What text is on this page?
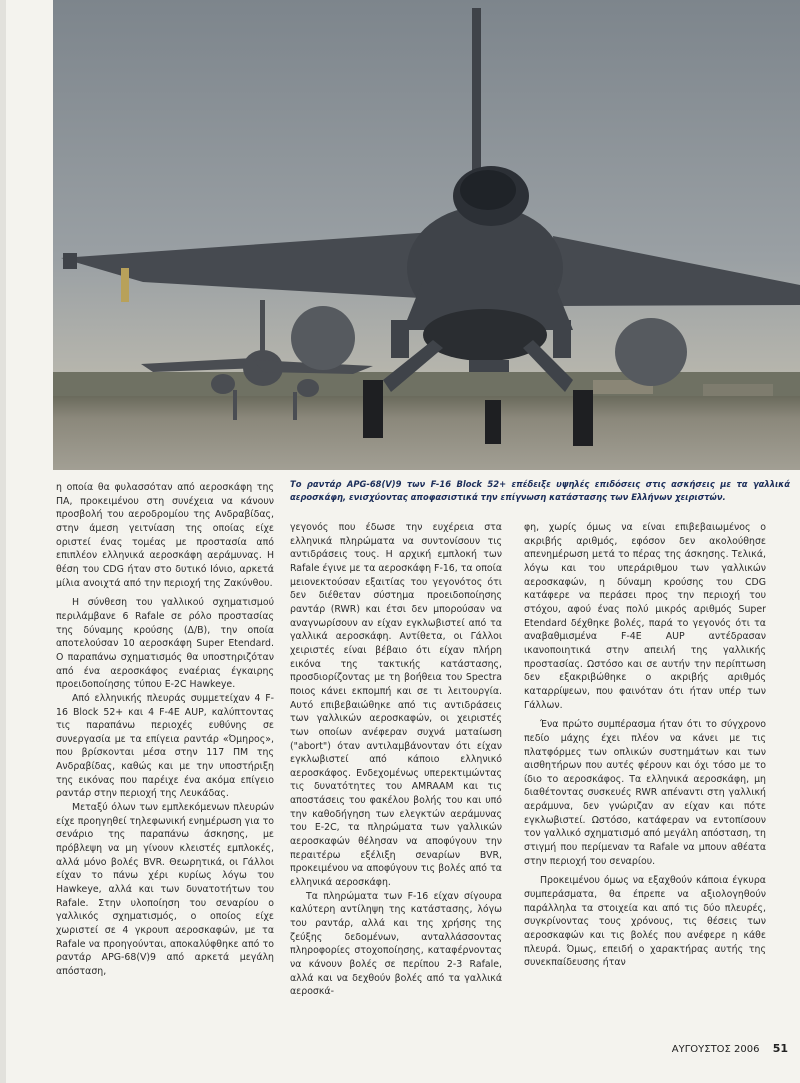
Το ραντάρ APG-68(V)9 των F-16 Block 52+ επέδειξε υψηλές επιδόσεις στις ασκήσεις με τα γαλλικά αεροσκάφη, ενισχύοντας αποφασιστικά την επίγνωση κατάστασης των Ελλήνων χειριστών.

η οποία θα φυλασσόταν από αεροσκάφη της ΠΑ, προκειμένου στη συνέχεια να κάνουν προσβολή του αεροδρομίου της Ανδραβίδας, στην άμεση γειτνίαση της οποίας είχε οριστεί ένας τομέας με προστασία από επιπλέον ελληνικά αεροσκάφη αεράμυνας. Η θέση του CDG ήταν στο δυτικό Ιόνιο, αρκετά μίλια ανοιχτά από την περιοχή της Ζακύνθου.

Η σύνθεση του γαλλικού σχηματισμού περιλάμβανε 6 Rafale σε ρόλο προστασίας της δύναμης κρούσης (Δ/Β), την οποία αποτελούσαν 10 αεροσκάφη Super Etendard. Ο παραπάνω σχηματισμός θα υποστηριζόταν από ένα αεροσκάφος εναέριας έγκαιρης προειδοποίησης τύπου E-2C Hawkeye.

Από ελληνικής πλευράς συμμετείχαν 4 F-16 Block 52+ και 4 F-4E AUP, καλύπτοντας τις παραπάνω περιοχές ευθύνης σε συνεργασία με τα επίγεια ραντάρ «Όμηρος», που βρίσκονται μέσα στην 117 ΠΜ της Ανδραβίδας, καθώς και με την υποστήριξη της εικόνας που παρέιχε ένα ακόμα επίγειο ραντάρ στην περιοχή της Λευκάδας.

Μεταξύ όλων των εμπλεκόμενων πλευρών είχε προηγηθεί τηλεφωνική ενημέρωση για το σενάριο της παραπάνω άσκησης, με πρόβλεψη να μη γίνουν κλειστές εμπλοκές, αλλά μόνο βολές BVR. Θεωρητικά, οι Γάλλοι είχαν το πάνω χέρι κυρίως λόγω του Hawkeye, αλλά και των δυνατοτήτων του Rafale. Στην υλοποίηση του σεναρίου ο γαλλικός σχηματισμός, ο οποίος είχε χωριστεί σε 4 γκρουπ αεροσκαφών, με τα Rafale να προηγούνται, αποκαλύφθηκε από το ραντάρ APG-68(V)9 από αρκετά μεγάλη απόσταση,

γεγονός που έδωσε την ευχέρεια στα ελληνικά πληρώματα να συντονίσουν τις αντιδράσεις τους. Η αρχική εμπλοκή των Rafale έγινε με τα αεροσκάφη F-16, τα οποία μειονεκτούσαν εξαιτίας του γεγονότος ότι δεν διέθεταν σύστημα προειδοποίησης ραντάρ (RWR) και έτσι δεν μπορούσαν να αναγνωρίσουν αν είχαν εγκλωβιστεί από τα γαλλικά αεροσκάφη. Αντίθετα, οι Γάλλοι χειριστές είναι βέβαιο ότι είχαν πλήρη εικόνα της τακτικής κατάστασης, προσδιορίζοντας με τη βοήθεια του Spectra ποιος κάνει εκπομπή και σε τι λειτουργία. Αυτό επιβεβαιώθηκε από τις αντιδράσεις των γαλλικών αεροσκαφών, οι χειριστές των οποίων ανέφεραν συχνά ματαίωση ("abort") όταν αντιλαμβάνονταν ότι είχαν εγκλωβιστεί από κάποιο ελληνικό αεροσκάφος. Ενδεχομένως υπερεκτιμώντας τις δυνατότητες του AMRAAM και τις αποστάσεις του φακέλου βολής του και υπό την καθοδήγηση των ελεγκτών αεράμυνας του E-2C, τα πληρώματα των γαλλικών αεροσκαφών θέλησαν να αποφύγουν την περαιτέρω εξέλιξη σεναρίων BVR, προκειμένου να αποφύγουν τις βολές από τα ελληνικά αεροσκάφη.

Τα πληρώματα των F-16 είχαν σίγουρα καλύτερη αντίληψη της κατάστασης, λόγω του ραντάρ, αλλά και της χρήσης της ζεύξης δεδομένων, ανταλλάσσοντας πληροφορίες στοχοποίησης, καταφέρνοντας να κάνουν βολές σε περίπου 2-3 Rafale, αλλά και να δεχθούν βολές από τα γαλλικά αεροσκά-

φη, χωρίς όμως να είναι επιβεβαιωμένος ο ακριβής αριθμός, εφόσον δεν ακολούθησε απενημέρωση μετά το πέρας της άσκησης. Τελικά, λόγω και του υπεράριθμου των γαλλικών αεροσκαφών, η δύναμη κρούσης του CDG κατάφερε να περάσει προς την περιοχή του στόχου, αφού ένας πολύ μικρός αριθμός Super Etendard δέχθηκε βολές, παρά το γεγονός ότι τα αναβαθμισμένα F-4E AUP αντέδρασαν ικανοποιητικά στην απειλή της γαλλικής προστασίας. Ωστόσο και σε αυτήν την περίπτωση δεν εξακριβώθηκε ο ακριβής αριθμός καταρρίψεων, που φαινόταν ότι ήταν υπέρ των Γάλλων.

Ένα πρώτο συμπέρασμα ήταν ότι το σύγχρονο πεδίο μάχης έχει πλέον να κάνει με τις πλατφόρμες των οπλικών συστημάτων και των αισθητήρων που αυτές φέρουν και όχι τόσο με το ίδιο το αεροσκάφος. Τα ελληνικά αεροσκάφη, μη διαθέτοντας συσκευές RWR απέναντι στη γαλλική αεράμυνα, δεν γνώριζαν αν είχαν και πότε εγκλωβιστεί. Ωστόσο, κατάφεραν να εντοπίσουν τον γαλλικό σχηματισμό από μεγάλη απόσταση, τη στιγμή που περίμεναν τα Rafale να μπουν αθέατα στην περιοχή του σεναρίου.

Προκειμένου όμως να εξαχθούν κάποια έγκυρα συμπεράσματα, θα έπρεπε να αξιολογηθούν παράλληλα τα στοιχεία και από τις δύο πλευρές, συγκρίνοντας τους χρόνους, τις θέσεις των αεροσκαφών και τις βολές που ανέφερε η κάθε πλευρά. Όμως, επειδή ο χαρακτήρας αυτής της συνεκπαίδευσης ήταν

ΑΥΓΟΥΣΤΟΣ 2006 51
